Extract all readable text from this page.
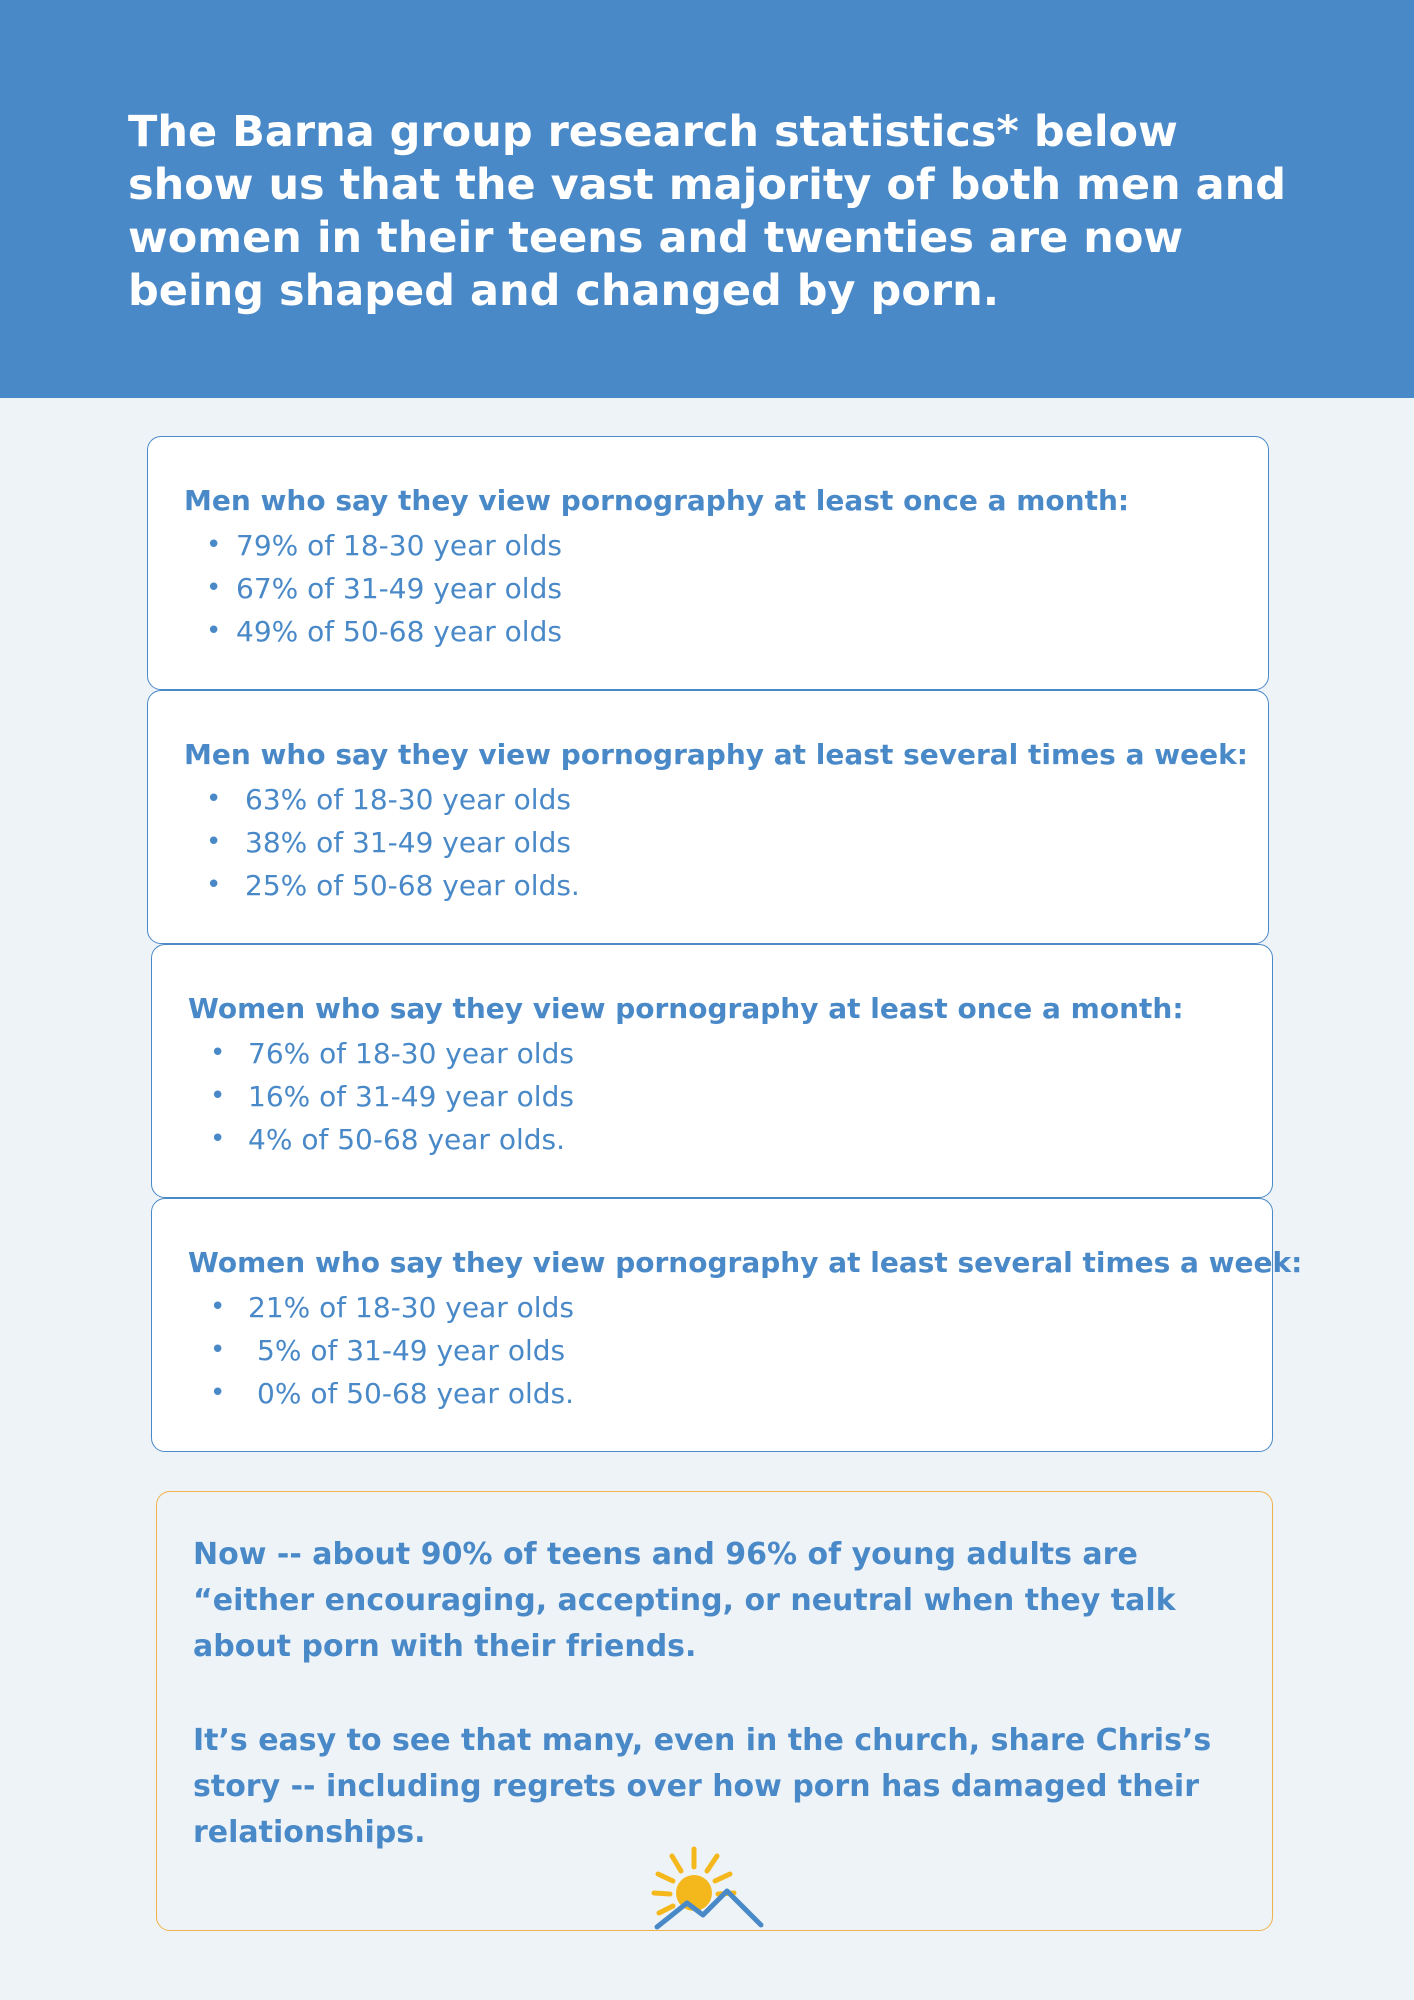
The Barna group research statistics* below show us that the vast majority of both men and women in their teens and twenties are now being shaped and changed by porn.

Men who say they view pornography at least once a month:

• 79% of 18-30 year olds
• 67% of 31-49 year olds
• 49% of 50-68 year olds

Men who say they view pornography at least several times a week:

• 63% of 18-30 year olds
• 38% of 31-49 year olds
• 25% of 50-68 year olds.

Women who say they view pornography at least once a month:

• 76% of 18-30 year olds
• 16% of 31-49 year olds
• 4% of 50-68 year olds.

Women who say they view pornography at least several times a week:

• 21% of 18-30 year olds
• 5% of 31-49 year olds
• 0% of 50-68 year olds.

Now -- about 90% of teens and 96% of young adults are “either encouraging, accepting, or neutral when they talk about porn with their friends.

It’s easy to see that many, even in the church, share Chris’s story -- including regrets over how porn has damaged their relationships.
